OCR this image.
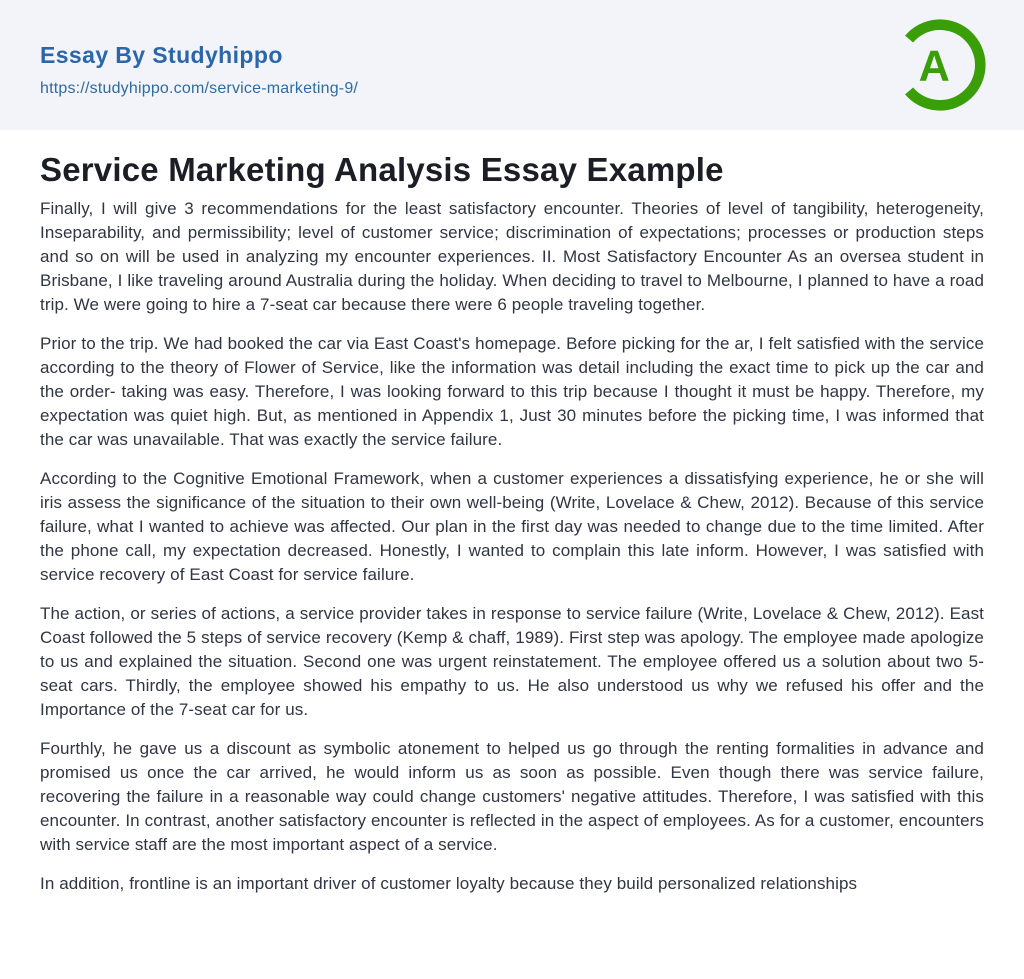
Essay By Studyhippo
https://studyhippo.com/service-marketing-9/	A
Service Marketing Analysis Essay Example

Finally, I will give 3 recommendations for the least satisfactory encounter. Theories of level of tangibility, heterogeneity, Inseparability, and permissibility; level of customer service; discrimination of expectations; processes or production steps and so on will be used in analyzing my encounter experiences. II. Most Satisfactory Encounter As an oversea student in Brisbane, I like traveling around Australia during the holiday. When deciding to travel to Melbourne, I planned to have a road trip. We were going to hire a 7-seat car because there were 6 people traveling together.

Prior to the trip. We had booked the car via East Coast's homepage. Before picking for the ar, I felt satisfied with the service according to the theory of Flower of Service, like the information was detail including the exact time to pick up the car and the order- taking was easy. Therefore, I was looking forward to this trip because I thought it must be happy. Therefore, my expectation was quiet high. But, as mentioned in Appendix 1, Just 30 minutes before the picking time, I was informed that the car was unavailable. That was exactly the service failure.

According to the Cognitive Emotional Framework, when a customer experiences a dissatisfying experience, he or she will iris assess the significance of the situation to their own well-being (Write, Lovelace & Chew, 2012). Because of this service failure, what I wanted to achieve was affected. Our plan in the first day was needed to change due to the time limited. After the phone call, my expectation decreased. Honestly, I wanted to complain this late inform. However, I was satisfied with service recovery of East Coast for service failure.

The action, or series of actions, a service provider takes in response to service failure (Write, Lovelace & Chew, 2012). East Coast followed the 5 steps of service recovery (Kemp & chaff, 1989). First step was apology. The employee made apologize to us and explained the situation. Second one was urgent reinstatement. The employee offered us a solution about two 5-seat cars. Thirdly, the employee showed his empathy to us. He also understood us why we refused his offer and the Importance of the 7-seat car for us.

Fourthly, he gave us a discount as symbolic atonement to helped us go through the renting formalities in advance and promised us once the car arrived, he would inform us as soon as possible. Even though there was service failure, recovering the failure in a reasonable way could change customers' negative attitudes. Therefore, I was satisfied with this encounter. In contrast, another satisfactory encounter is reflected in the aspect of employees. As for a customer, encounters with service staff are the most important aspect of a service.

In addition, frontline is an important driver of customer loyalty because they build personalized relationships
